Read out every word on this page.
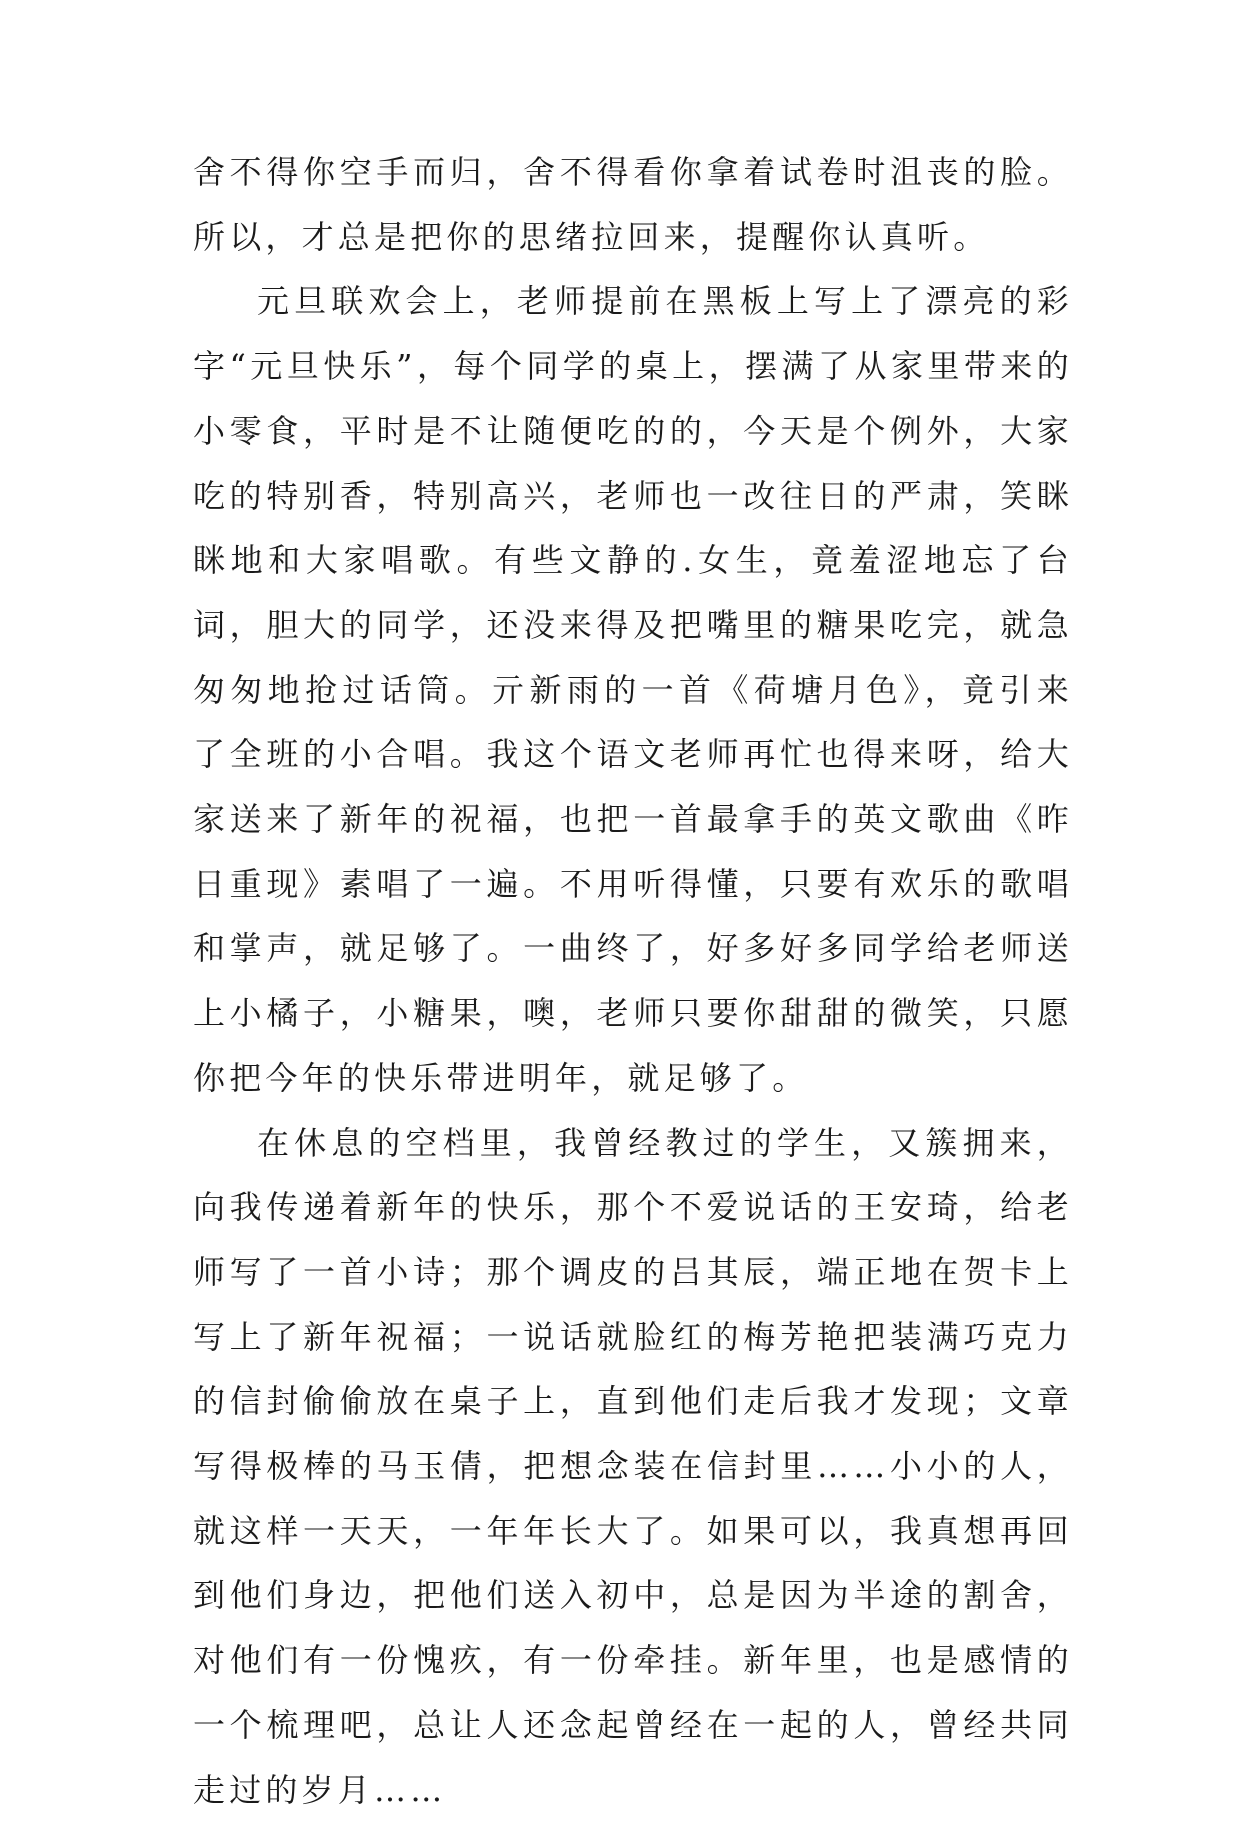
舍不得你空手而归，舍不得看你拿着试卷时沮丧的脸。所以，才总是把你的思绪拉回来，提醒你认真听。

元旦联欢会上，老师提前在黑板上写上了漂亮的彩字“元旦快乐”，每个同学的桌上，摆满了从家里带来的小零食，平时是不让随便吃的的，今天是个例外，大家吃的特别香，特别高兴，老师也一改往日的严肃，笑眯眯地和大家唱歌。有些文静的.女生，竟羞涩地忘了台词，胆大的同学，还没来得及把嘴里的糖果吃完，就急匆匆地抢过话筒。亓新雨的一首《荷塘月色》，竟引来了全班的小合唱。我这个语文老师再忙也得来呀，给大家送来了新年的祝福，也把一首最拿手的英文歌曲《昨日重现》素唱了一遍。不用听得懂，只要有欢乐的歌唱和掌声，就足够了。一曲终了，好多好多同学给老师送上小橘子，小糖果，噢，老师只要你甜甜的微笑，只愿你把今年的快乐带进明年，就足够了。

在休息的空档里，我曾经教过的学生，又簇拥来，向我传递着新年的快乐，那个不爱说话的王安琦，给老师写了一首小诗；那个调皮的吕其辰，端正地在贺卡上写上了新年祝福；一说话就脸红的梅芳艳把装满巧克力的信封偷偷放在桌子上，直到他们走后我才发现；文章写得极棒的马玉倩，把想念装在信封里……小小的人，就这样一天天，一年年长大了。如果可以，我真想再回到他们身边，把他们送入初中，总是因为半途的割舍，对他们有一份愧疚，有一份牵挂。新年里，也是感情的一个梳理吧，总让人还念起曾经在一起的人，曾经共同走过的岁月……
